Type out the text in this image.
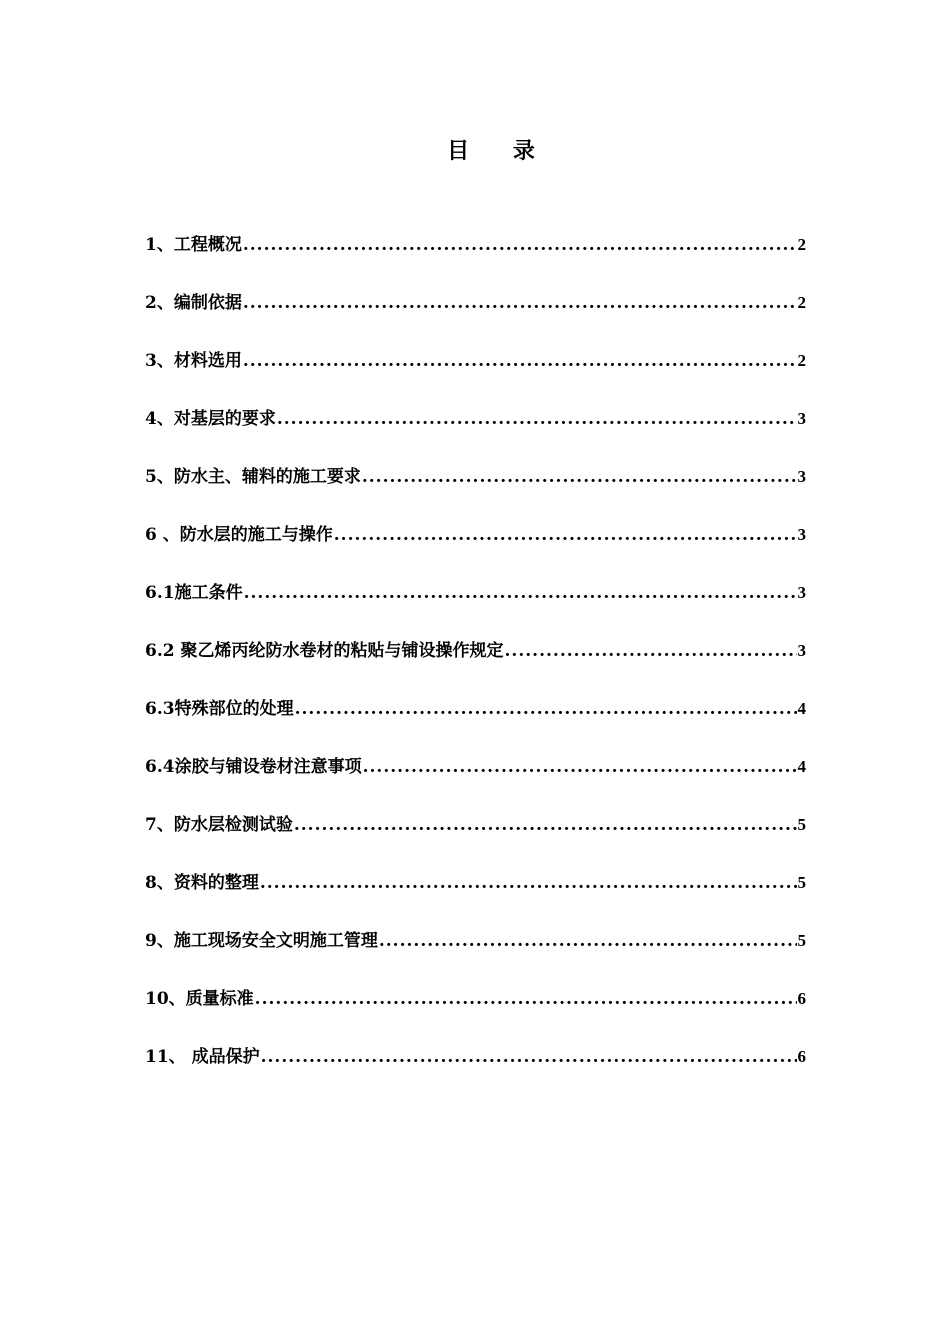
目 录
1、工程概况 .....	2
2、编制依据 .....	2
3、材料选用 .....	2
4、对基层的要求 .....	3
5、防水主、辅料的施工要求 .....	3
6 、防水层的施工与操作 .....	3
6.1施工条件 .....	3
6.2 聚乙烯丙纶防水卷材的粘贴与铺设操作规定 .....	3
6.3特殊部位的处理 .....	4
6.4涂胶与铺设卷材注意事项 .....	4
7、防水层检测试验 .....	5
8、资料的整理 .....	5
9、施工现场安全文明施工管理 .....	5
10、质量标准 .....	6
11、 成品保护 .....	6
